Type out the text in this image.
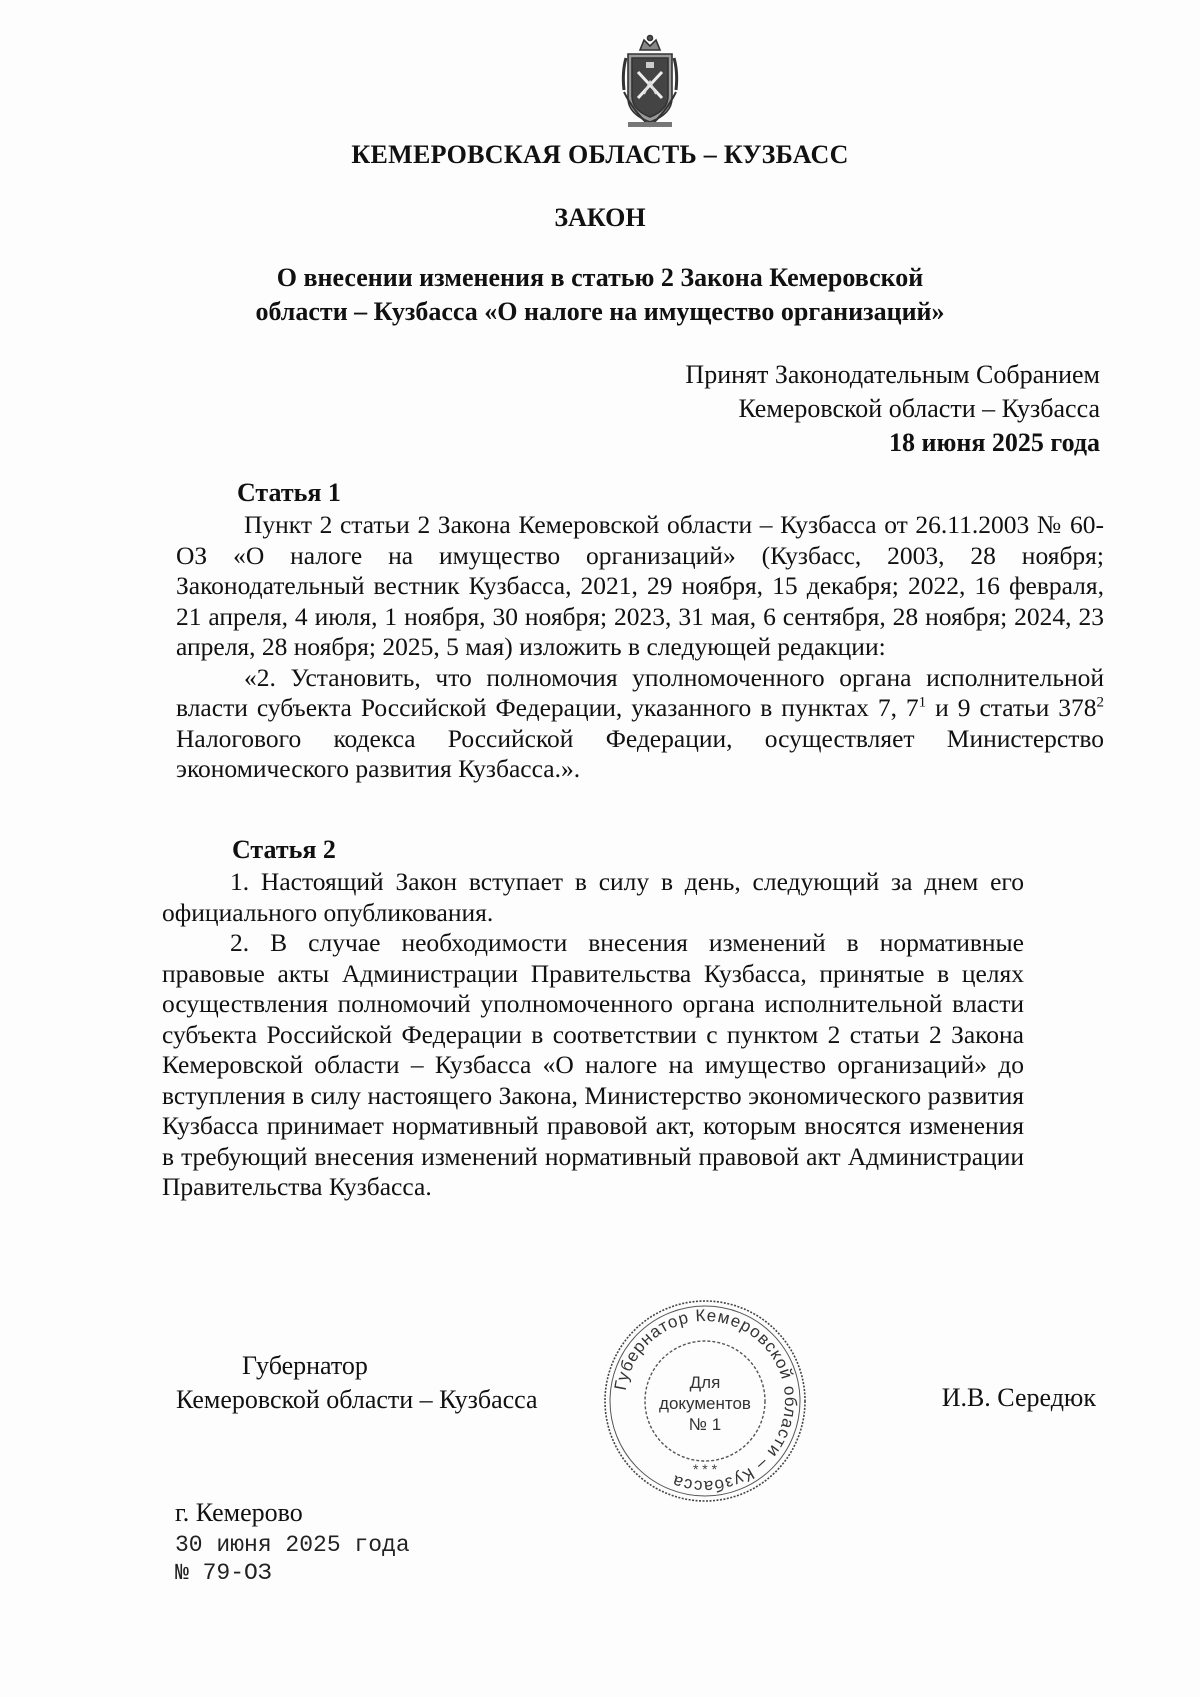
КЕМЕРОВСКАЯ ОБЛАСТЬ – КУЗБАСС
ЗАКОН
О внесении изменения в статью 2 Закона Кемеровской
области – Кузбасса «О налоге на имущество организаций»
Принят Законодательным Собранием
Кемеровской области – Кузбасса
18 июня 2025 года
Статья 1

Пункт 2 статьи 2 Закона Кемеровской области – Кузбасса от 26.11.2003 № 60-ОЗ «О налоге на имущество организаций» (Кузбасс, 2003, 28 ноября; Законодательный вестник Кузбасса, 2021, 29 ноября, 15 декабря; 2022, 16 февраля, 21 апреля, 4 июля, 1 ноября, 30 ноября; 2023, 31 мая, 6 сентября, 28 ноября; 2024, 23 апреля, 28 ноября; 2025, 5 мая) изложить в следующей редакции:

«2. Установить, что полномочия уполномоченного органа исполнительной власти субъекта Российской Федерации, указанного в пунктах 7, $7^1$ и 9 статьи $378^2$ Налогового кодекса Российской Федерации, осуществляет Министерство экономического развития Кузбасса.».

Статья 2

1. Настоящий Закон вступает в силу в день, следующий за днем его официального опубликования.

2. В случае необходимости внесения изменений в нормативные правовые акты Администрации Правительства Кузбасса, принятые в целях осуществления полномочий уполномоченного органа исполнительной власти субъекта Российской Федерации в соответствии с пунктом 2 статьи 2 Закона Кемеровской области – Кузбасса «О налоге на имущество организаций» до вступления в силу настоящего Закона, Министерство экономического развития Кузбасса принимает нормативный правовой акт, которым вносятся изменения в требующий внесения изменений нормативный правовой акт Администрации Правительства Кузбасса.

Губернатор
Кемеровской области – Кузбасса	И.В. Середюк
Губернатор Кемеровской области – Кузбасса
Для
документов
№ 1
* * *
г. Кемерово
30 июня 2025 года
№ 79-ОЗ
